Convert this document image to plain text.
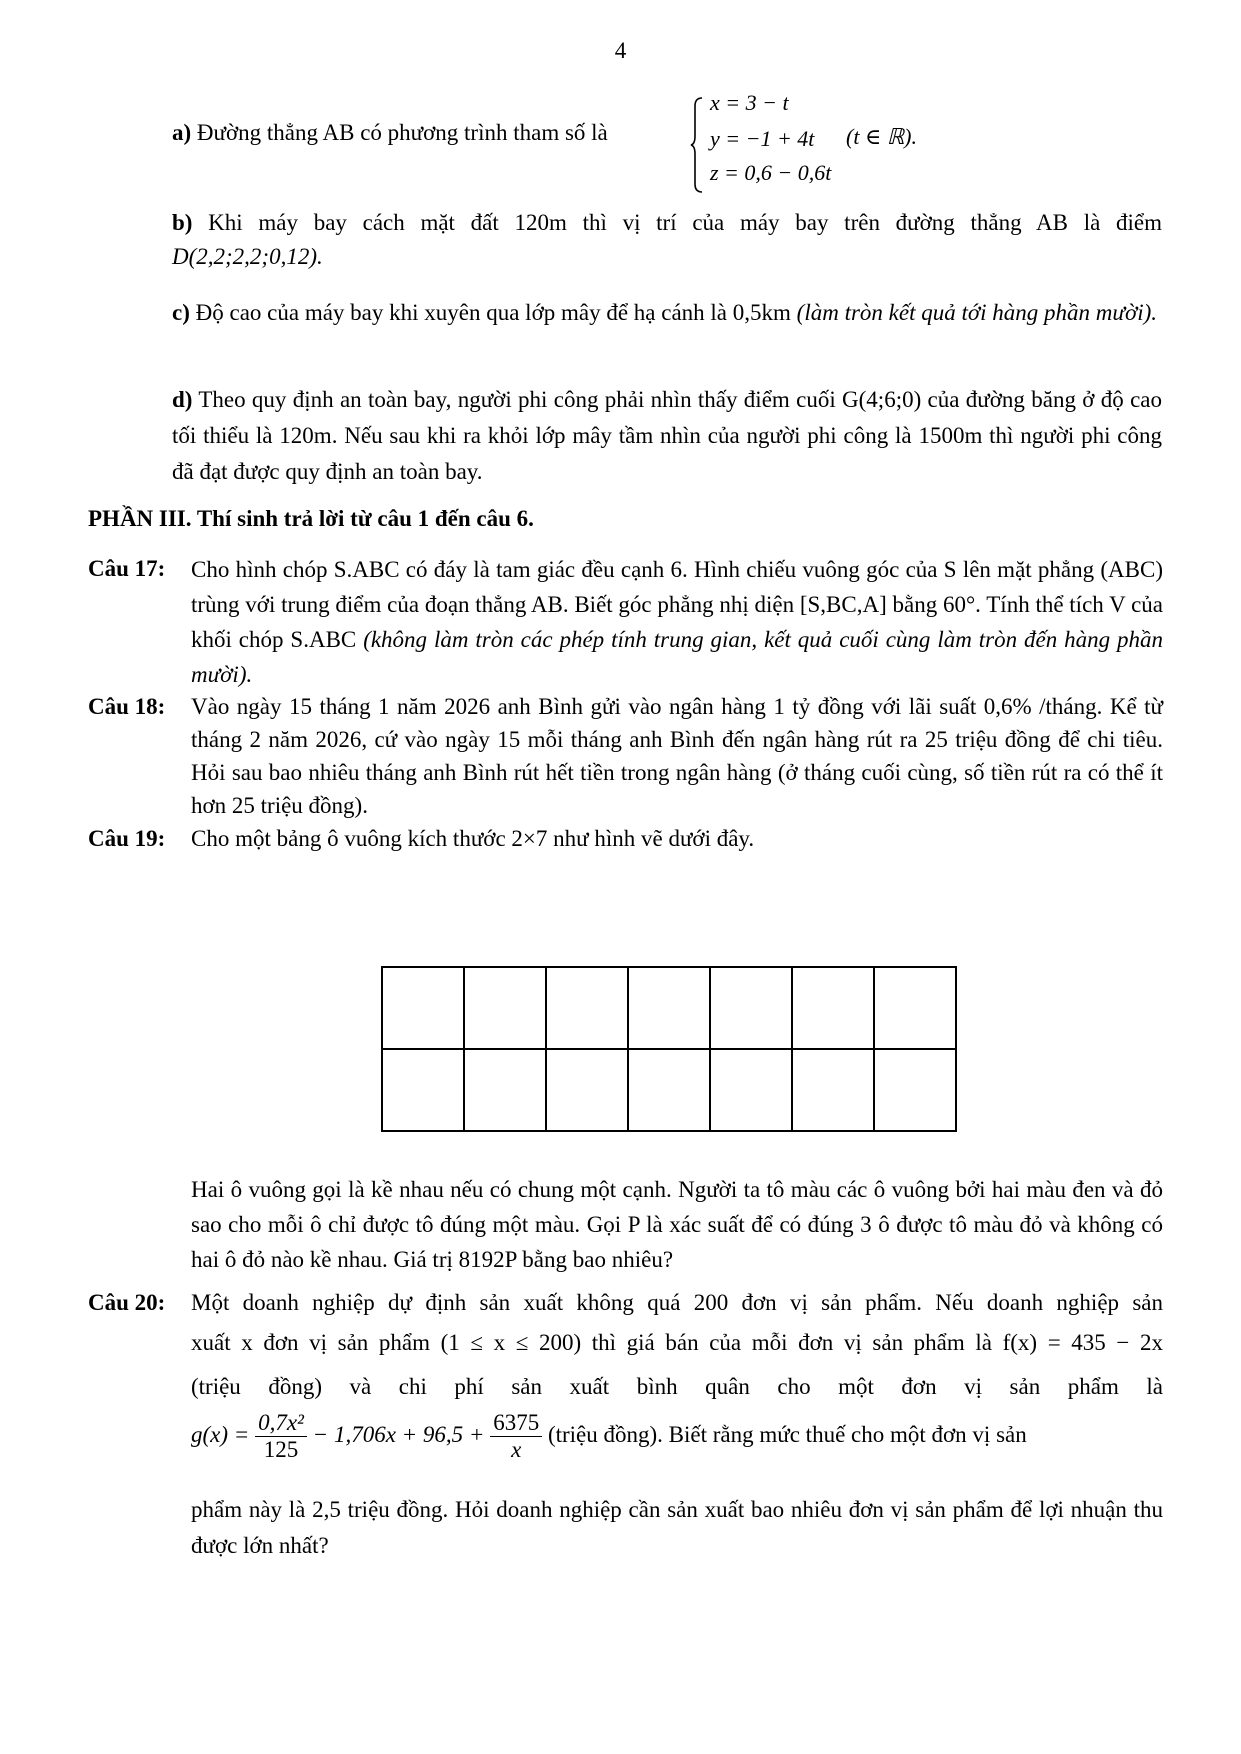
4
a) Đường thẳng AB có phương trình tham số là
x = 3 − t
y = −1 + 4t
z = 0,6 − 0,6t
(t ∈ ℝ).
b) Khi máy bay cách mặt đất 120m thì vị trí của máy bay trên đường thẳng AB là điểm
D(2,2;2,2;0,12).
c) Độ cao của máy bay khi xuyên qua lớp mây để hạ cánh là 0,5km (làm tròn kết quả tới hàng phần mười).
d) Theo quy định an toàn bay, người phi công phải nhìn thấy điểm cuối G(4;6;0) của đường băng ở độ cao tối thiểu là 120m. Nếu sau khi ra khỏi lớp mây tầm nhìn của người phi công là 1500m thì người phi công đã đạt được quy định an toàn bay.
PHẦN III. Thí sinh trả lời từ câu 1 đến câu 6.
Câu 17: Cho hình chóp S.ABC có đáy là tam giác đều cạnh 6. Hình chiếu vuông góc của S lên mặt phẳng (ABC) trùng với trung điểm của đoạn thẳng AB. Biết góc phẳng nhị diện [S,BC,A] bằng 60°. Tính thể tích V của khối chóp S.ABC (không làm tròn các phép tính trung gian, kết quả cuối cùng làm tròn đến hàng phần mười).
Câu 18: Vào ngày 15 tháng 1 năm 2026 anh Bình gửi vào ngân hàng 1 tỷ đồng với lãi suất 0,6% /tháng. Kể từ tháng 2 năm 2026, cứ vào ngày 15 mỗi tháng anh Bình đến ngân hàng rút ra 25 triệu đồng để chi tiêu. Hỏi sau bao nhiêu tháng anh Bình rút hết tiền trong ngân hàng (ở tháng cuối cùng, số tiền rút ra có thể ít hơn 25 triệu đồng).
Câu 19: Cho một bảng ô vuông kích thước 2×7 như hình vẽ dưới đây.
Hai ô vuông gọi là kề nhau nếu có chung một cạnh. Người ta tô màu các ô vuông bởi hai màu đen và đỏ sao cho mỗi ô chỉ được tô đúng một màu. Gọi P là xác suất để có đúng 3 ô được tô màu đỏ và không có hai ô đỏ nào kề nhau. Giá trị 8192P bằng bao nhiêu?
Câu 20: Một doanh nghiệp dự định sản xuất không quá 200 đơn vị sản phẩm. Nếu doanh nghiệp sản
xuất x đơn vị sản phẩm (1 ≤ x ≤ 200) thì giá bán của mỗi đơn vị sản phẩm là f(x) = 435 − 2x
(triệu đồng) và chi phí sản xuất bình quân cho một đơn vị sản phẩm là
$g(x) = \frac{\text{0,7x²}}{125} - 1,706x + 96,5 + \frac{6375}{x}$ (triệu đồng). Biết rằng mức thuế cho một đơn vị sản
phẩm này là 2,5 triệu đồng. Hỏi doanh nghiệp cần sản xuất bao nhiêu đơn vị sản phẩm để lợi nhuận thu được lớn nhất?
